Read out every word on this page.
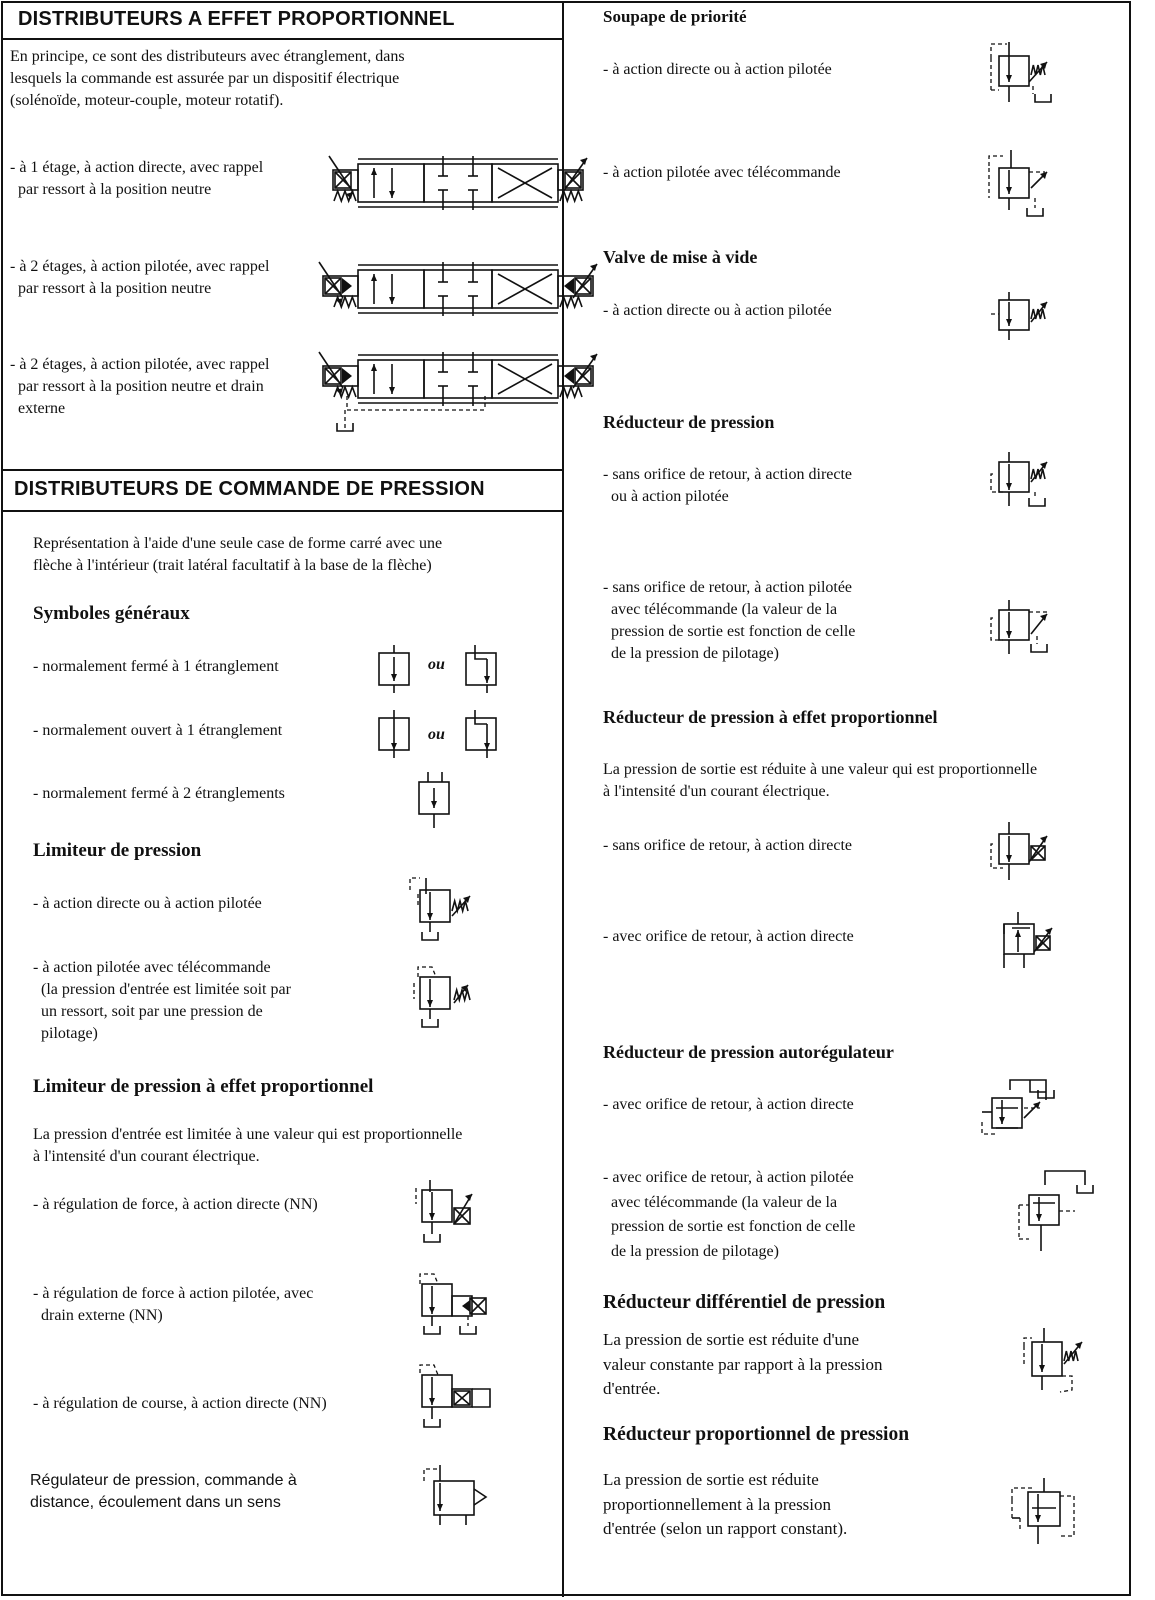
DISTRIBUTEURS A EFFET PROPORTIONNEL
En principe, ce sont des distributeurs avec étranglement, dans
lesquels la commande est assurée par un dispositif électrique
(solénoïde, moteur-couple, moteur rotatif).
- à 1 étage, à action directe, avec rappel
par ressort à la position neutre
- à 2 étages, à action pilotée, avec rappel
par ressort à la position neutre
- à 2 étages, à action pilotée, avec rappel
par ressort à la position neutre et drain
externe
DISTRIBUTEURS DE COMMANDE DE PRESSION
Représentation à l'aide d'une seule case de forme carré avec une
flèche à l'intérieur (trait latéral facultatif à la base de la flèche)
Symboles généraux
- normalement fermé à 1 étranglement
- normalement ouvert à 1 étranglement
- normalement fermé à 2 étranglements
ou
ou
Limiteur de pression
- à action directe ou à action pilotée
- à action pilotée avec télécommande
(la pression d'entrée est limitée soit par
un ressort, soit par une pression de
pilotage)
Limiteur de pression à effet proportionnel
La pression d'entrée est limitée à une valeur qui est proportionnelle
à l'intensité d'un courant électrique.
- à régulation de force, à action directe (NN)
- à régulation de force à action pilotée, avec
drain externe (NN)
- à régulation de course, à action directe (NN)
Régulateur de pression, commande à
distance, écoulement dans un sens
Soupape de priorité
- à action directe ou à action pilotée
- à action pilotée avec télécommande
Valve de mise à vide
- à action directe ou à action pilotée
Réducteur de pression
- sans orifice de retour, à action directe
ou à action pilotée
- sans orifice de retour, à action pilotée
avec télécommande (la valeur de la
pression de sortie est fonction de celle
de la pression de pilotage)
Réducteur de pression à effet proportionnel
La pression de sortie est réduite à une valeur qui est proportionnelle
à l'intensité d'un courant électrique.
- sans orifice de retour, à action directe
- avec orifice de retour, à action directe
Réducteur de pression autorégulateur
- avec orifice de retour, à action directe
- avec orifice de retour, à action pilotée
avec télécommande (la valeur de la
pression de sortie est fonction de celle
de la pression de pilotage)
Réducteur différentiel de pression
La pression de sortie est réduite d'une
valeur constante par rapport à la pression
d'entrée.
Réducteur proportionnel de pression
La pression de sortie est réduite
proportionnellement à la pression
d'entrée (selon un rapport constant).
